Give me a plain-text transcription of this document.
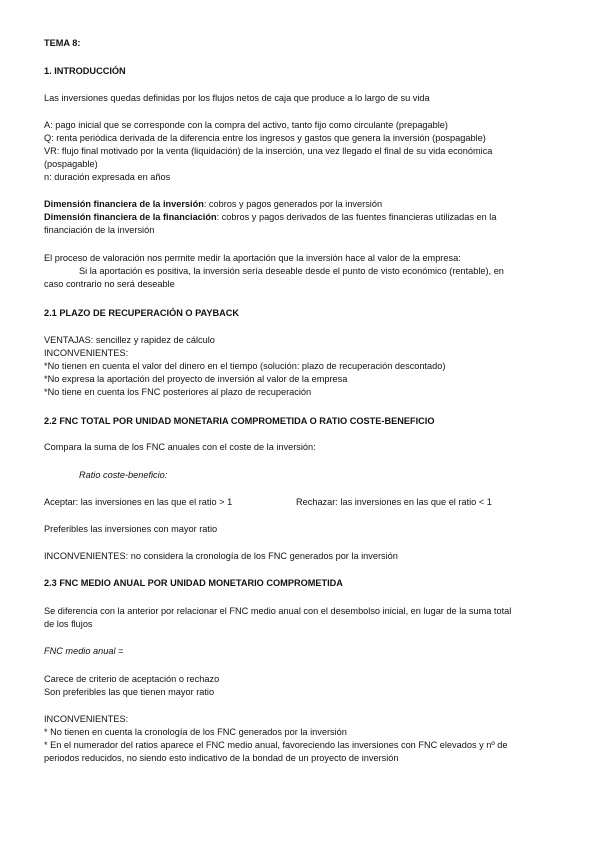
TEMA 8:
1. INTRODUCCIÓN
Las inversiones quedas definidas por los flujos netos de caja que produce a lo largo de su vida
A: pago inicial que se corresponde con la compra del activo, tanto fijo como circulante (prepagable)
Q: renta periódica derivada de la diferencia entre los ingresos y gastos que genera la inversión (pospagable)
VR: flujo final motivado por la venta (liquidación) de la inserción, una vez llegado el final de su vida económica
(pospagable)
n: duración expresada en años
Dimensión financiera de la inversión: cobros y pagos generados por la inversión
Dimensión financiera de la financiación: cobros y pagos derivados de las fuentes financieras utilizadas en la
financiación de la inversión
El proceso de valoración nos permite medir la aportación que la inversión hace al valor de la empresa:
Si la aportación es positiva, la inversión sería deseable desde el punto de visto económico (rentable), en
caso contrario no será deseable
2.1 PLAZO DE RECUPERACIÓN O PAYBACK
VENTAJAS: sencillez y rapidez de cálculo
INCONVENIENTES:
*No tienen en cuenta el valor del dinero en el tiempo (solución: plazo de recuperación descontado)
*No expresa la aportación del proyecto de inversión al valor de la empresa
*No tiene en cuenta los FNC posteriores al plazo de recuperación
2.2 FNC TOTAL POR UNIDAD MONETARIA COMPROMETIDA O RATIO COSTE-BENEFICIO
Compara la suma de los FNC anuales con el coste de la inversión:
Ratio coste-beneficio:
Aceptar: las inversiones en las que el ratio > 1	Rechazar: las inversiones en las que el ratio < 1
Preferibles las inversiones con mayor ratio
INCONVENIENTES: no considera la cronología de los FNC generados por la inversión
2.3 FNC MEDIO ANUAL POR UNIDAD MONETARIO COMPROMETIDA
Se diferencia con la anterior por relacionar el FNC medio anual con el desembolso inicial, en lugar de la suma total
de los flujos
FNC medio anual =
Carece de criterio de aceptación o rechazo
Son preferibles las que tienen mayor ratio
INCONVENIENTES:
* No tienen en cuenta la cronología de los FNC generados por la inversión
* En el numerador del ratios aparece el FNC medio anual, favoreciendo las inversiones con FNC elevados y nº de
periodos reducidos, no siendo esto indicativo de la bondad de un proyecto de inversión
